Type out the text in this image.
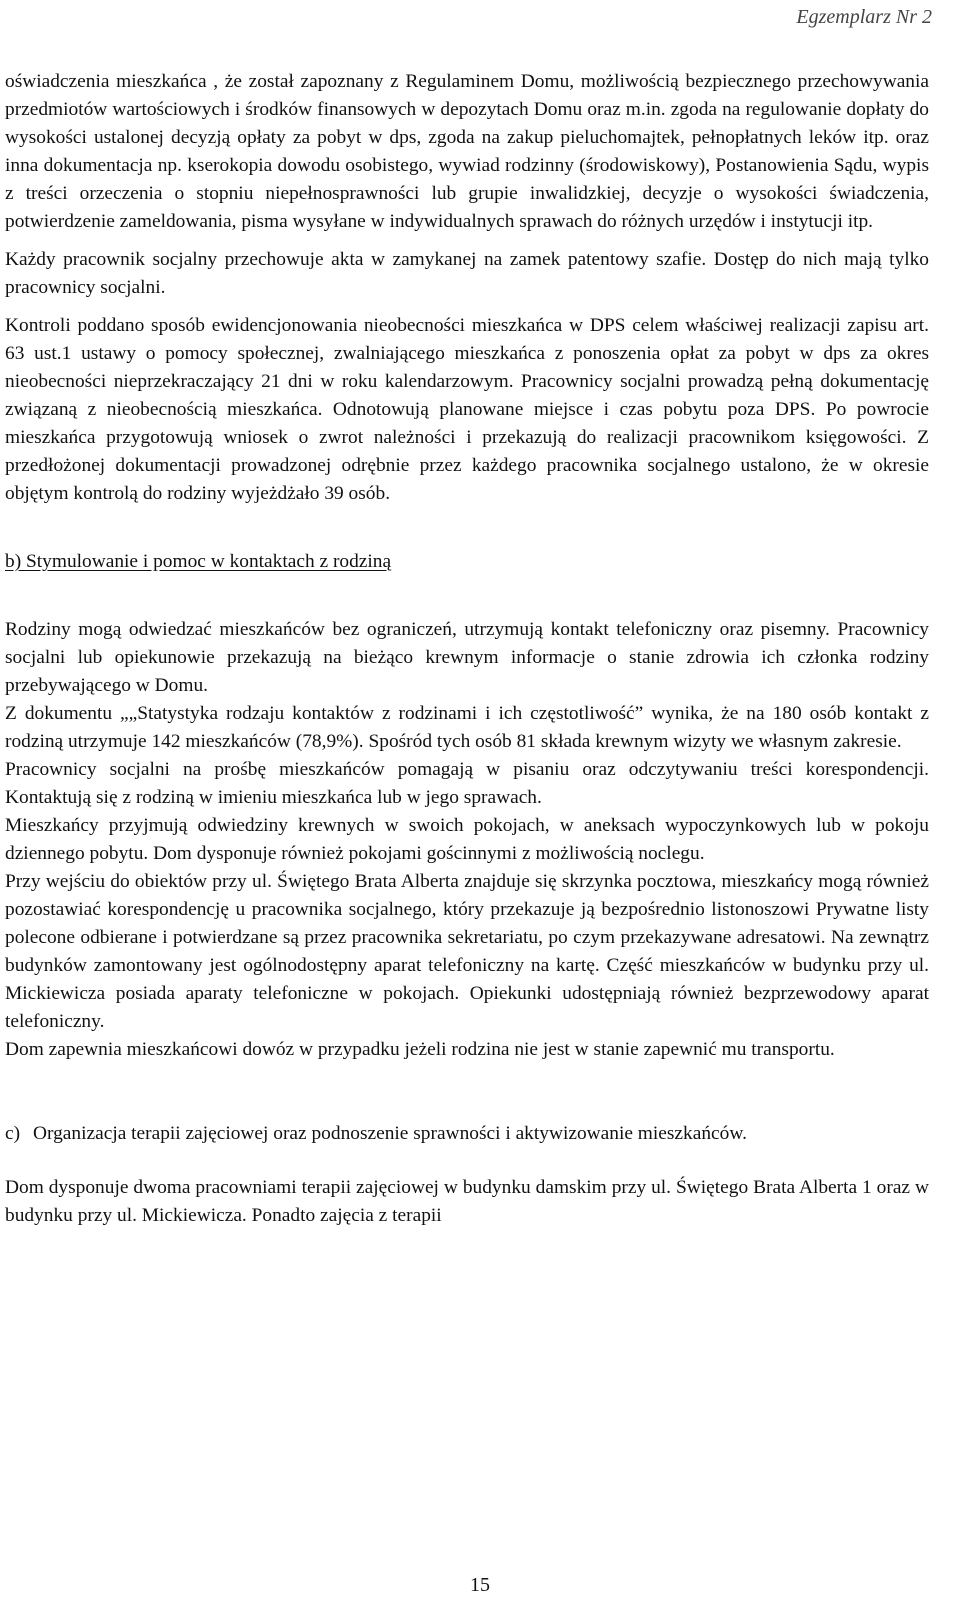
Egzemplarz Nr 2

oświadczenia mieszkańca , że został zapoznany z Regulaminem Domu, możliwością bezpiecznego przechowywania przedmiotów wartościowych i środków finansowych w depozytach Domu oraz m.in. zgoda na regulowanie dopłaty do wysokości ustalonej decyzją opłaty za pobyt w dps, zgoda na zakup pieluchomajtek, pełnopłatnych leków itp. oraz inna dokumentacja np. kserokopia dowodu osobistego, wywiad rodzinny (środowiskowy), Postanowienia Sądu, wypis z treści orzeczenia o stopniu niepełnosprawności lub grupie inwalidzkiej, decyzje o wysokości świadczenia, potwierdzenie zameldowania, pisma wysyłane w indywidualnych sprawach do różnych urzędów i instytucji itp.

Każdy pracownik socjalny przechowuje akta w zamykanej na zamek patentowy szafie. Dostęp do nich mają tylko pracownicy socjalni.

Kontroli poddano sposób ewidencjonowania nieobecności mieszkańca w DPS celem właściwej realizacji zapisu art. 63 ust.1 ustawy o pomocy społecznej, zwalniającego mieszkańca z ponoszenia opłat za pobyt w dps za okres nieobecności nieprzekraczający 21 dni w roku kalendarzowym. Pracownicy socjalni prowadzą pełną dokumentację związaną z nieobecnością mieszkańca. Odnotowują planowane miejsce i czas pobytu poza DPS. Po powrocie mieszkańca przygotowują wniosek o zwrot należności i przekazują do realizacji pracownikom księgowości. Z przedłożonej dokumentacji prowadzonej odrębnie przez każdego pracownika socjalnego ustalono, że w okresie objętym kontrolą do rodziny wyjeżdżało 39 osób.

b) Stymulowanie i pomoc w kontaktach z rodziną

Rodziny mogą odwiedzać mieszkańców bez ograniczeń, utrzymują kontakt telefoniczny oraz pisemny. Pracownicy socjalni lub opiekunowie przekazują na bieżąco krewnym informacje o stanie zdrowia ich członka rodziny przebywającego w Domu.

Z dokumentu „„Statystyka rodzaju kontaktów z rodzinami i ich częstotliwość” wynika, że na 180 osób kontakt z rodziną utrzymuje 142 mieszkańców (78,9%). Spośród tych osób 81 składa krewnym wizyty we własnym zakresie.

Pracownicy socjalni na prośbę mieszkańców pomagają w pisaniu oraz odczytywaniu treści korespondencji. Kontaktują się z rodziną w imieniu mieszkańca lub w jego sprawach.

Mieszkańcy przyjmują odwiedziny krewnych w swoich pokojach, w aneksach wypoczynkowych lub w pokoju dziennego pobytu. Dom dysponuje również pokojami gościnnymi z możliwością noclegu.

Przy wejściu do obiektów przy ul. Świętego Brata Alberta znajduje się skrzynka pocztowa, mieszkańcy mogą również pozostawiać korespondencję u pracownika socjalnego, który przekazuje ją bezpośrednio listonoszowi Prywatne listy polecone odbierane i potwierdzane są przez pracownika sekretariatu, po czym przekazywane adresatowi. Na zewnątrz budynków zamontowany jest ogólnodostępny aparat telefoniczny na kartę. Część mieszkańców w budynku przy ul. Mickiewicza posiada aparaty telefoniczne w pokojach. Opiekunki udostępniają również bezprzewodowy aparat telefoniczny.

Dom zapewnia mieszkańcowi dowóz w przypadku jeżeli rodzina nie jest w stanie zapewnić mu transportu.

c) Organizacja terapii zajęciowej oraz podnoszenie sprawności i aktywizowanie mieszkańców.

Dom dysponuje dwoma pracowniami terapii zajęciowej w budynku damskim przy ul. Świętego Brata Alberta 1 oraz w budynku przy ul. Mickiewicza. Ponadto zajęcia z terapii

15
